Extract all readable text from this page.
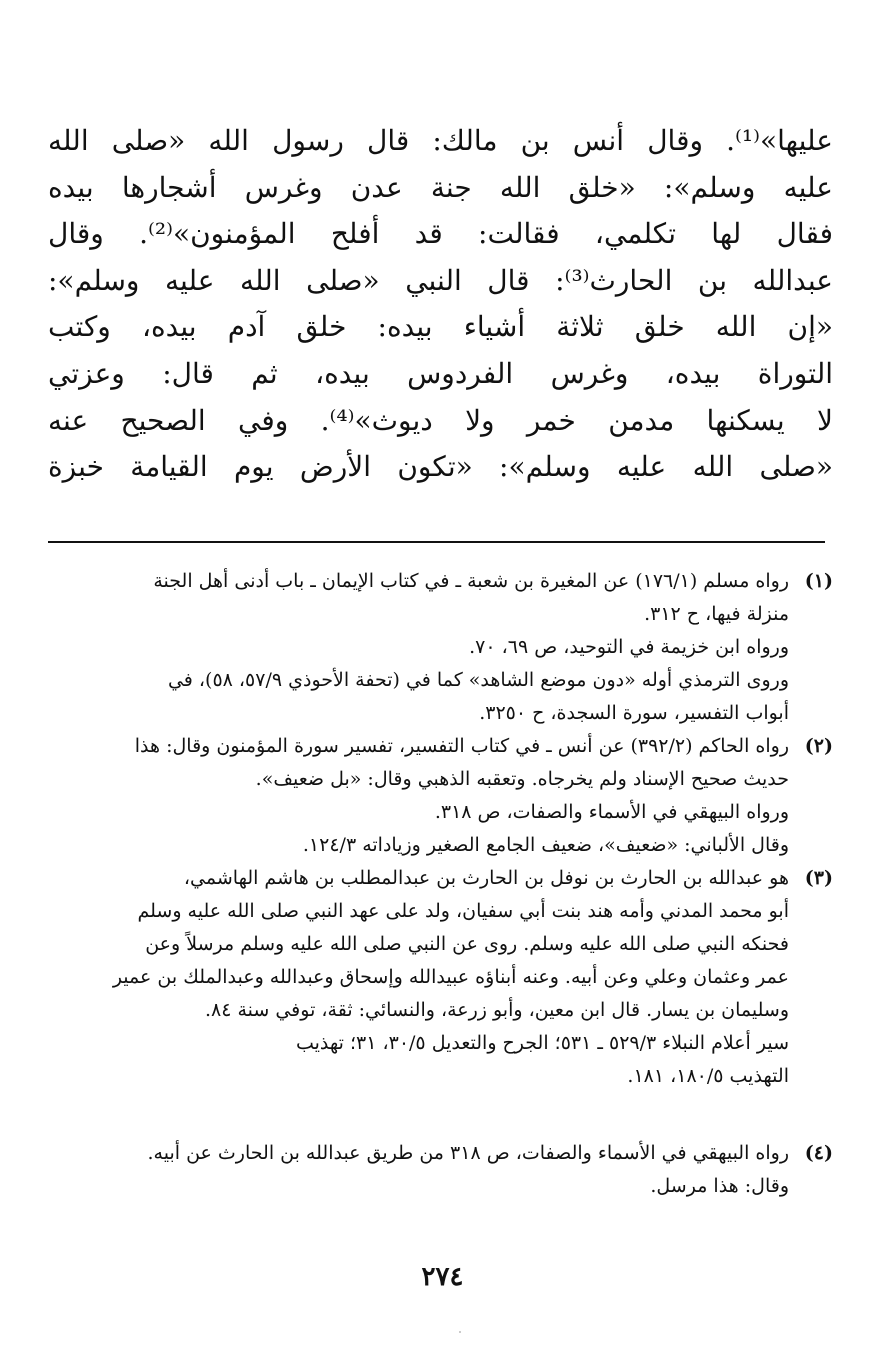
عليها»⁽¹⁾. وقال أنس بن مالك: قال رسول الله «صلى الله
عليه وسلم»: «خلق الله جنة عدن وغرس أشجارها بيده
فقال لها تكلمي، فقالت: قد أفلح المؤمنون»⁽²⁾. وقال
عبدالله بن الحارث⁽³⁾: قال النبي «صلى الله عليه وسلم»:
«إن الله خلق ثلاثة أشياء بيده: خلق آدم بيده، وكتب
التوراة بيده، وغرس الفردوس بيده، ثم قال: وعزتي
لا يسكنها مدمن خمر ولا ديوث»⁽⁴⁾. وفي الصحيح عنه
«صلى الله عليه وسلم»: «تكون الأرض يوم القيامة خبزة
(١)
رواه مسلم (١٧٦/١) عن المغيرة بن شعبة ـ في كتاب الإيمان ـ باب أدنى أهل الجنة
منزلة فيها، ح ٣١٢.
ورواه ابن خزيمة في التوحيد، ص ٦٩، ٧٠.
وروى الترمذي أوله «دون موضع الشاهد» كما في (تحفة الأحوذي ٥٧/٩، ٥٨)، في
أبواب التفسير، سورة السجدة، ح ٣٢٥٠.
(٢)
رواه الحاكم (٣٩٢/٢) عن أنس ـ في كتاب التفسير، تفسير سورة المؤمنون وقال: هذا
حديث صحيح الإسناد ولم يخرجاه. وتعقبه الذهبي وقال: «بل ضعيف».
ورواه البيهقي في الأسماء والصفات، ص ٣١٨.
وقال الألباني: «ضعيف»، ضعيف الجامع الصغير وزياداته ١٢٤/٣.
(٣)
هو عبدالله بن الحارث بن نوفل بن الحارث بن عبدالمطلب بن هاشم الهاشمي،
أبو محمد المدني وأمه هند بنت أبي سفيان، ولد على عهد النبي صلى الله عليه وسلم
فحنكه النبي صلى الله عليه وسلم. روى عن النبي صلى الله عليه وسلم مرسلاً وعن
عمر وعثمان وعلي وعن أبيه. وعنه أبناؤه عبيدالله وإسحاق وعبدالله وعبدالملك بن عمير
وسليمان بن يسار. قال ابن معين، وأبو زرعة، والنسائي: ثقة، توفي سنة ٨٤.
سير أعلام النبلاء ٥٢٩/٣ ـ ٥٣١؛ الجرح والتعديل ٣٠/٥، ٣١؛ تهذيب
التهذيب ١٨٠/٥، ١٨١.
(٤)
رواه البيهقي في الأسماء والصفات، ص ٣١٨ من طريق عبدالله بن الحارث عن أبيه.
وقال: هذا مرسل.
٢٧٤
